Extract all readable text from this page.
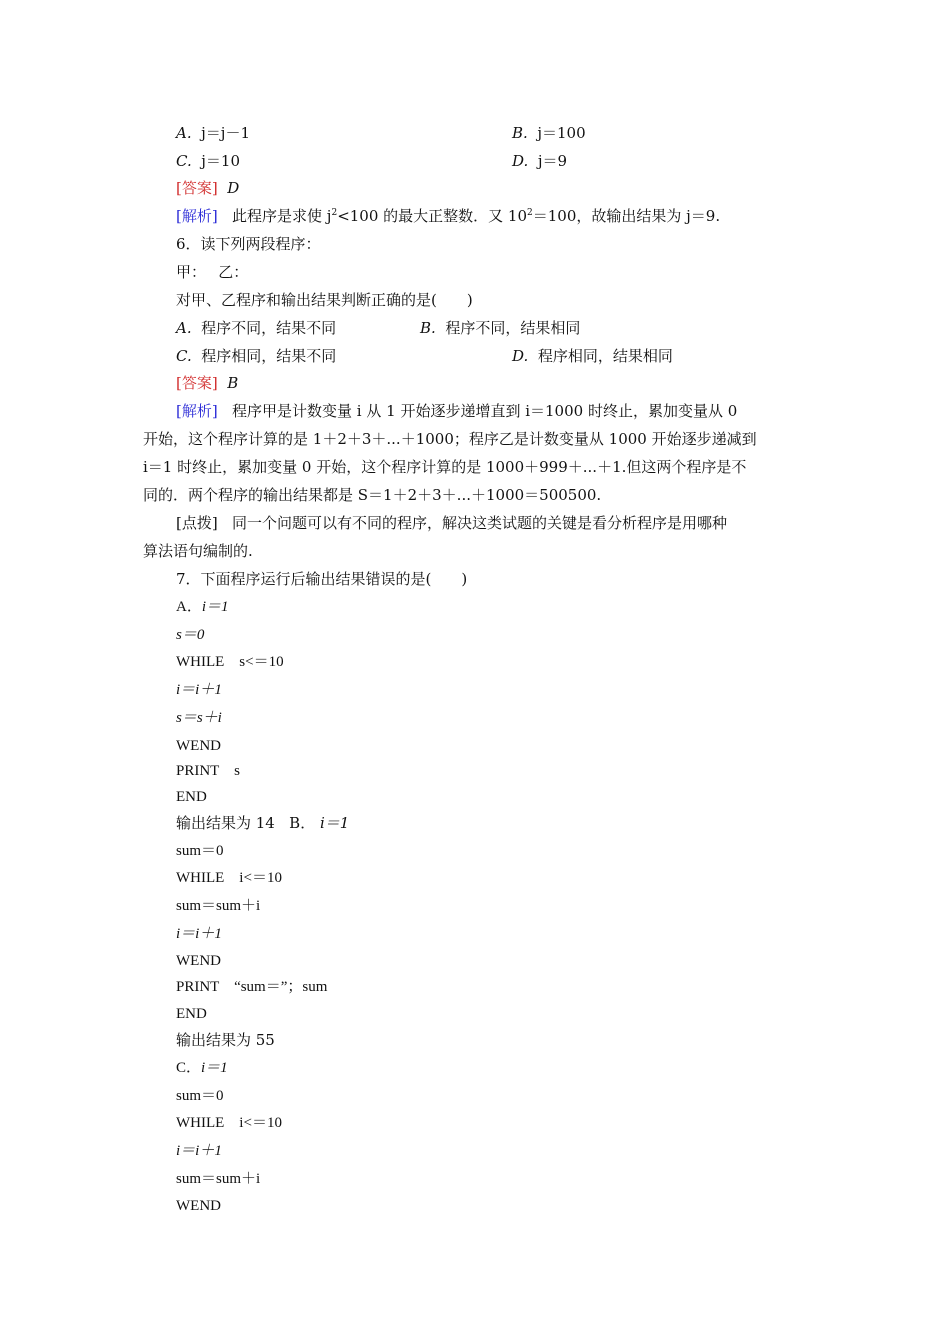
A. j＝j－1	B. j＝100
C. j＝10	D. j＝9
[答案] D
[解析] 此程序是求使 $j^2<100$ 的最大正整数．又 $10^2=100$，故输出结果为 j＝9.
6．读下列两段程序：
甲：　 乙：
对甲、乙程序和输出结果判断正确的是(　　)
A. 程序不同，结果不同	B. 程序不同，结果相同
C. 程序相同，结果不同	D. 程序相同，结果相同
[答案] B
[解析] 程序甲是计数变量 i 从 1 开始逐步递增直到 i＝1000 时终止，累加变量从 0
开始，这个程序计算的是 1＋2＋3＋...＋1000；程序乙是计数变量从 1000 开始逐步递减到
i＝1 时终止，累加变量 0 开始，这个程序计算的是 1000＋999＋...＋1.但这两个程序是不
同的．两个程序的输出结果都是 S＝1＋2＋3＋...＋1000＝500500.
[点拨] 同一个问题可以有不同的程序，解决这类试题的关键是看分析程序是用哪种
算法语句编制的.
7．下面程序运行后输出结果错误的是(　　)
A．i＝1
s＝0
WHILE　s<＝10
i＝i＋1
s＝s＋i
WEND
PRINT　s
END
输出结果为 14 B． i＝1
sum＝0
WHILE　i<＝10
sum＝sum＋i
i＝i＋1
WEND
PRINT　“sum＝”；sum
END
输出结果为 55
C．i＝1
sum＝0
WHILE　i<＝10
i＝i＋1
sum＝sum＋i
WEND
